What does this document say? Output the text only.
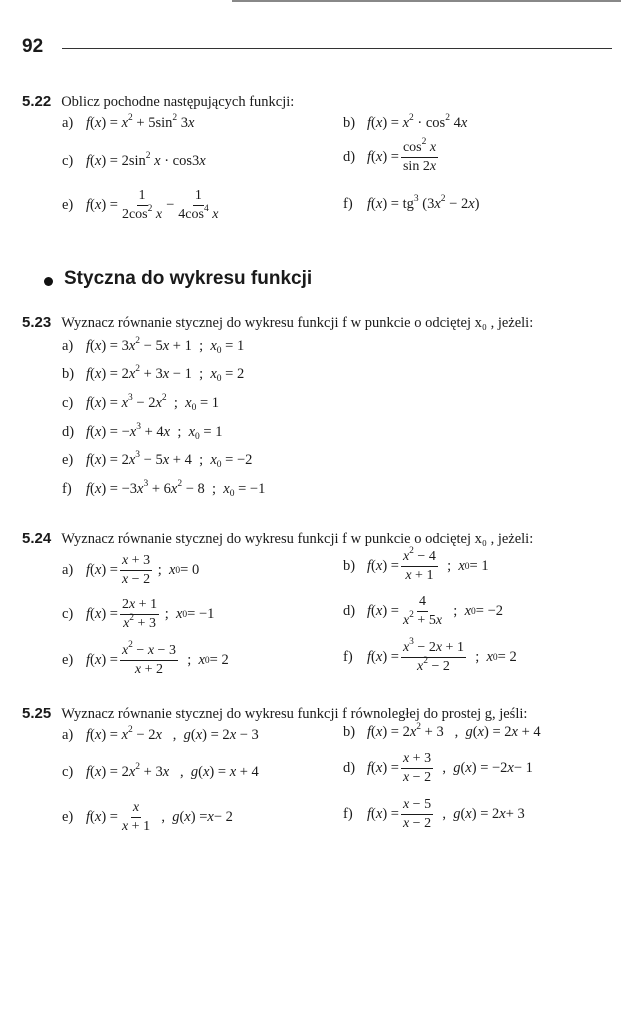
92
5.22 Oblicz pochodne następujących funkcji:
a) $f(x) = x^2 + 5\sin^2$ 3x	b) $f(x) = x^2 \cdot \cos^2 4x$
c) $f(x) = 2\sin^2$ x · cos3x	d) $f(x) = \frac{\cos^2 x}{\sin 2x}$
e) f ( x ) = $\frac{1}{2\cos^2 x} - \frac{1}{4\cos^4 x}$	f) $f(x) = tg^3$ $(3x^2 - 2x)$
Styczna do wykresu funkcji
5.23 Wyznacz równanie stycznej do wykresu funkcji f w punkcie o odciętej x₀ , jeżeli:
a) $f(x) = 3x^2 - 5x + 1$  ;  $x_0 = 1$
b) $f(x) = 2x^2 + 3x - 1$  ;  $x_0 = 2$
c) $f(x) = x^3 - 2x^2$  ;  $x_0 = 1$
d) $f(x) = -x^3 + 4x$  ;  $x_0 = 1$
e) $f(x) = 2x^3 - 5x + 4$  ;  $x_0 = -2$
f) $f(x) = -3x^3 + 6x^2 - 8$  ;  $x_0 = -1$
5.24 Wyznacz równanie stycznej do wykresu funkcji f w punkcie o odciętej x₀ , jeżeli:
a) f ( x ) = $\frac{x + 3}{x - 2}$ ; x 0 = 0	b) f ( x ) = $\frac{x^2 - 4}{x + 1}$ ; x 0 = 1
c) f ( x ) = $\frac{2x + 1}{x^2 + 3}$ ; x 0 = −1	d) f ( x ) = $\frac{4}{x^2 + 5x}$ ; x 0 = −2
e) f ( x ) = $\frac{x^2 - x - 3}{x + 2}$ ; x 0 = 2	f) f ( x ) = $\frac{x^3 - 2x + 1}{x^2 - 2}$ ; x 0 = 2
5.25 Wyznacz równanie stycznej do wykresu funkcji f równoległej do prostej g, jeśli:
a) $f(x) = x^2 - 2x$   ,  g(x) = 2x − 3	b) $f(x) = 2x^2 + 3$   ,  g(x) = 2x + 4
c) $f(x) = 2x^2 + 3x$   ,  g(x) = x + 4	d) f ( x ) = $\frac{x + 3}{x - 2}$ , g ( x ) = −2 x − 1
e) f ( x ) = $\frac{x}{x + 1}$ , g ( x ) = x − 2	f) f ( x ) = $\frac{x - 5}{x - 2}$ , g ( x ) = 2 x + 3
